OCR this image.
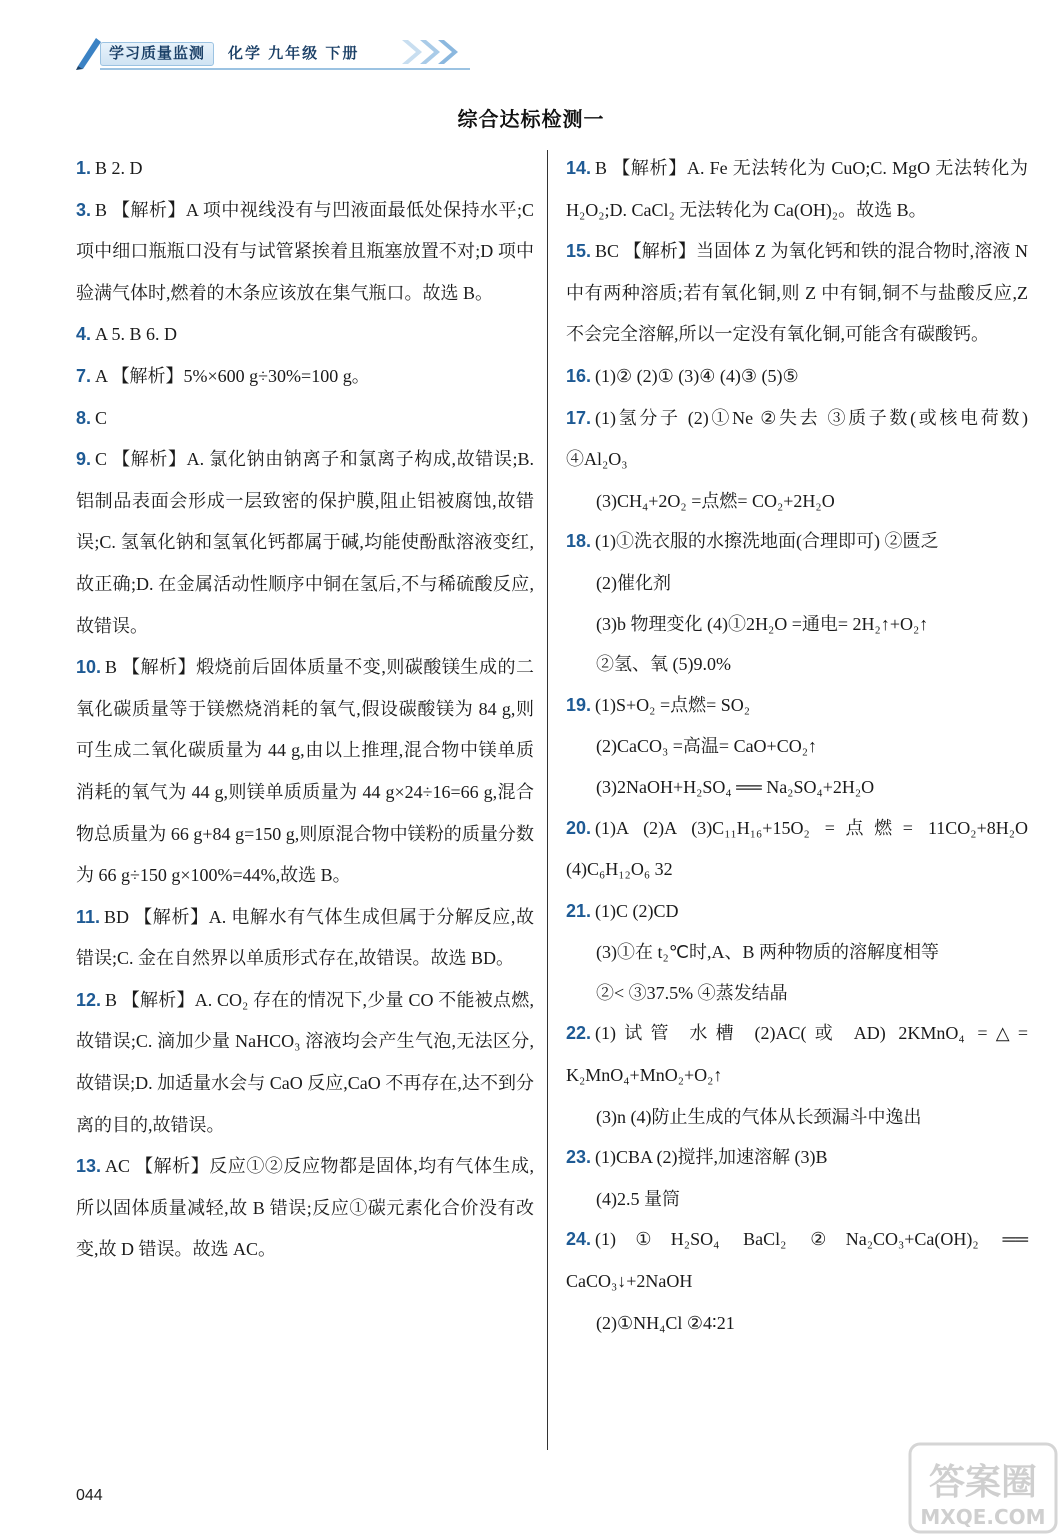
学习质量监测	化学 九年级 下册
综合达标检测一
1. B 2. D
3. B 【解析】A 项中视线没有与凹液面最低处保持水平;C 项中细口瓶瓶口没有与试管紧挨着且瓶塞放置不对;D 项中验满气体时,燃着的木条应该放在集气瓶口。故选 B。
4. A 5. B 6. D
7. A 【解析】5%×600 g÷30%=100 g。
8. C
9. C 【解析】A. 氯化钠由钠离子和氯离子构成,故错误;B. 铝制品表面会形成一层致密的保护膜,阻止铝被腐蚀,故错误;C. 氢氧化钠和氢氧化钙都属于碱,均能使酚酞溶液变红,故正确;D. 在金属活动性顺序中铜在氢后,不与稀硫酸反应,故错误。
10. B 【解析】煅烧前后固体质量不变,则碳酸镁生成的二氧化碳质量等于镁燃烧消耗的氧气,假设碳酸镁为 84 g,则可生成二氧化碳质量为 44 g,由以上推理,混合物中镁单质消耗的氧气为 44 g,则镁单质质量为 44 g×24÷16=66 g,混合物总质量为 66 g+84 g=150 g,则原混合物中镁粉的质量分数为 66 g÷150 g×100%=44%,故选 B。
11. BD 【解析】A. 电解水有气体生成但属于分解反应,故错误;C. 金在自然界以单质形式存在,故错误。故选 BD。
12. B 【解析】A. CO₂ 存在的情况下,少量 CO 不能被点燃,故错误;C. 滴加少量 NaHCO₃ 溶液均会产生气泡,无法区分,故错误;D. 加适量水会与 CaO 反应,CaO 不再存在,达不到分离的目的,故错误。
13. AC 【解析】反应①②反应物都是固体,均有气体生成,所以固体质量减轻,故 B 错误;反应①碳元素化合价没有改变,故 D 错误。故选 AC。
14. B 【解析】A. Fe 无法转化为 CuO;C. MgO 无法转化为 H₂O₂;D. CaCl₂ 无法转化为 Ca(OH)₂。故选 B。
15. BC 【解析】当固体 Z 为氧化钙和铁的混合物时,溶液 N 中有两种溶质;若有氧化铜,则 Z 中有铜,铜不与盐酸反应,Z 不会完全溶解,所以一定没有氧化铜,可能含有碳酸钙。
16. (1)② (2)① (3)④ (4)③ (5)⑤
17. (1)氢分子 (2)①Ne ②失去 ③质子数(或核电荷数) ④Al₂O₃
(3)CH₄+2O₂ =点燃= CO₂+2H₂O
18. (1)①洗衣服的水擦洗地面(合理即可) ②匮乏
(2)催化剂
(3)b 物理变化 (4)①2H₂O =通电= 2H₂↑+O₂↑
②氢、氧 (5)9.0%
19. (1)S+O₂ =点燃= SO₂
(2)CaCO₃ =高温= CaO+CO₂↑
(3)2NaOH+H₂SO₄ ══ Na₂SO₄+2H₂O
20. (1)A (2)A (3)C₁₁H₁₆+15O₂ =点燃= 11CO₂+8H₂O (4)C₆H₁₂O₆ 32
21. (1)C (2)CD
(3)①在 t₂℃时,A、B 两种物质的溶解度相等
②< ③37.5% ④蒸发结晶
22. (1)试管 水槽 (2)AC(或 AD) 2KMnO₄ =△= K₂MnO₄+MnO₂+O₂↑
(3)n (4)防止生成的气体从长颈漏斗中逸出
23. (1)CBA (2)搅拌,加速溶解 (3)B
(4)2.5 量筒
24. (1)①H₂SO₄ BaCl₂ ②Na₂CO₃+Ca(OH)₂ ══ CaCO₃↓+2NaOH
(2)①NH₄Cl ②4∶21
044	答案圈
MXQE.COM
